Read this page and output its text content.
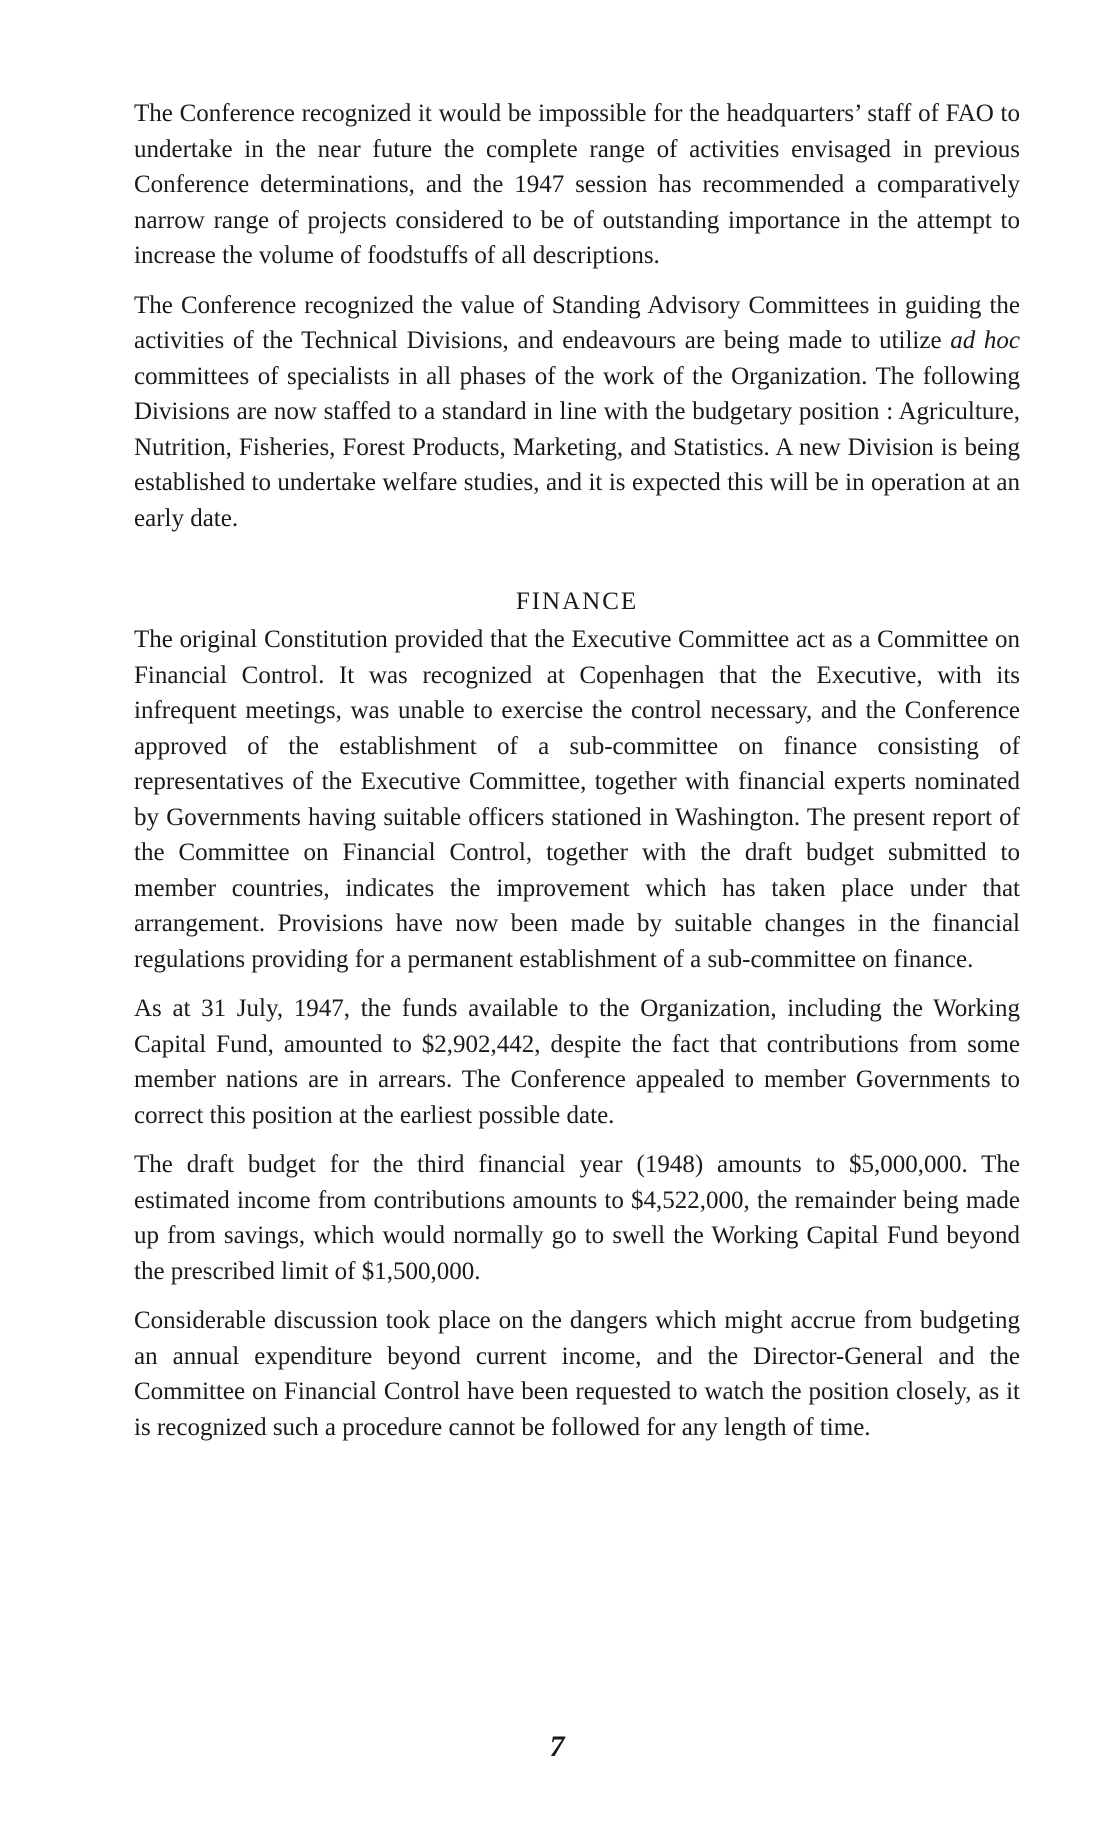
The Conference recognized it would be impossible for the headquarters’ staff of FAO to undertake in the near future the complete range of activities envisaged in previous Conference determinations, and the 1947 session has recommended a comparatively narrow range of projects considered to be of outstanding importance in the attempt to increase the volume of foodstuffs of all descriptions.

The Conference recognized the value of Standing Advisory Committees in guiding the activities of the Technical Divisions, and endeavours are being made to utilize ad hoc committees of specialists in all phases of the work of the Organization. The following Divisions are now staffed to a standard in line with the budgetary position : Agriculture, Nutrition, Fisheries, Forest Products, Marketing, and Statistics. A new Division is being established to undertake welfare studies, and it is expected this will be in operation at an early date.

FINANCE

The original Constitution provided that the Executive Committee act as a Committee on Financial Control. It was recognized at Copenhagen that the Executive, with its infrequent meetings, was unable to exercise the control necessary, and the Conference approved of the establishment of a sub-committee on finance consisting of representatives of the Executive Committee, together with financial experts nominated by Governments having suitable officers stationed in Washington. The present report of the Committee on Financial Control, together with the draft budget submitted to member countries, indicates the improvement which has taken place under that arrangement. Provisions have now been made by suitable changes in the financial regulations providing for a permanent establishment of a sub-committee on finance.

As at 31 July, 1947, the funds available to the Organization, including the Working Capital Fund, amounted to $2,902,442, despite the fact that contributions from some member nations are in arrears. The Conference appealed to member Governments to correct this position at the earliest possible date.

The draft budget for the third financial year (1948) amounts to $5,000,000. The estimated income from contributions amounts to $4,522,000, the remainder being made up from savings, which would normally go to swell the Working Capital Fund beyond the prescribed limit of $1,500,000.

Considerable discussion took place on the dangers which might accrue from budgeting an annual expenditure beyond current income, and the Director-General and the Committee on Financial Control have been requested to watch the position closely, as it is recognized such a procedure cannot be followed for any length of time.

7
